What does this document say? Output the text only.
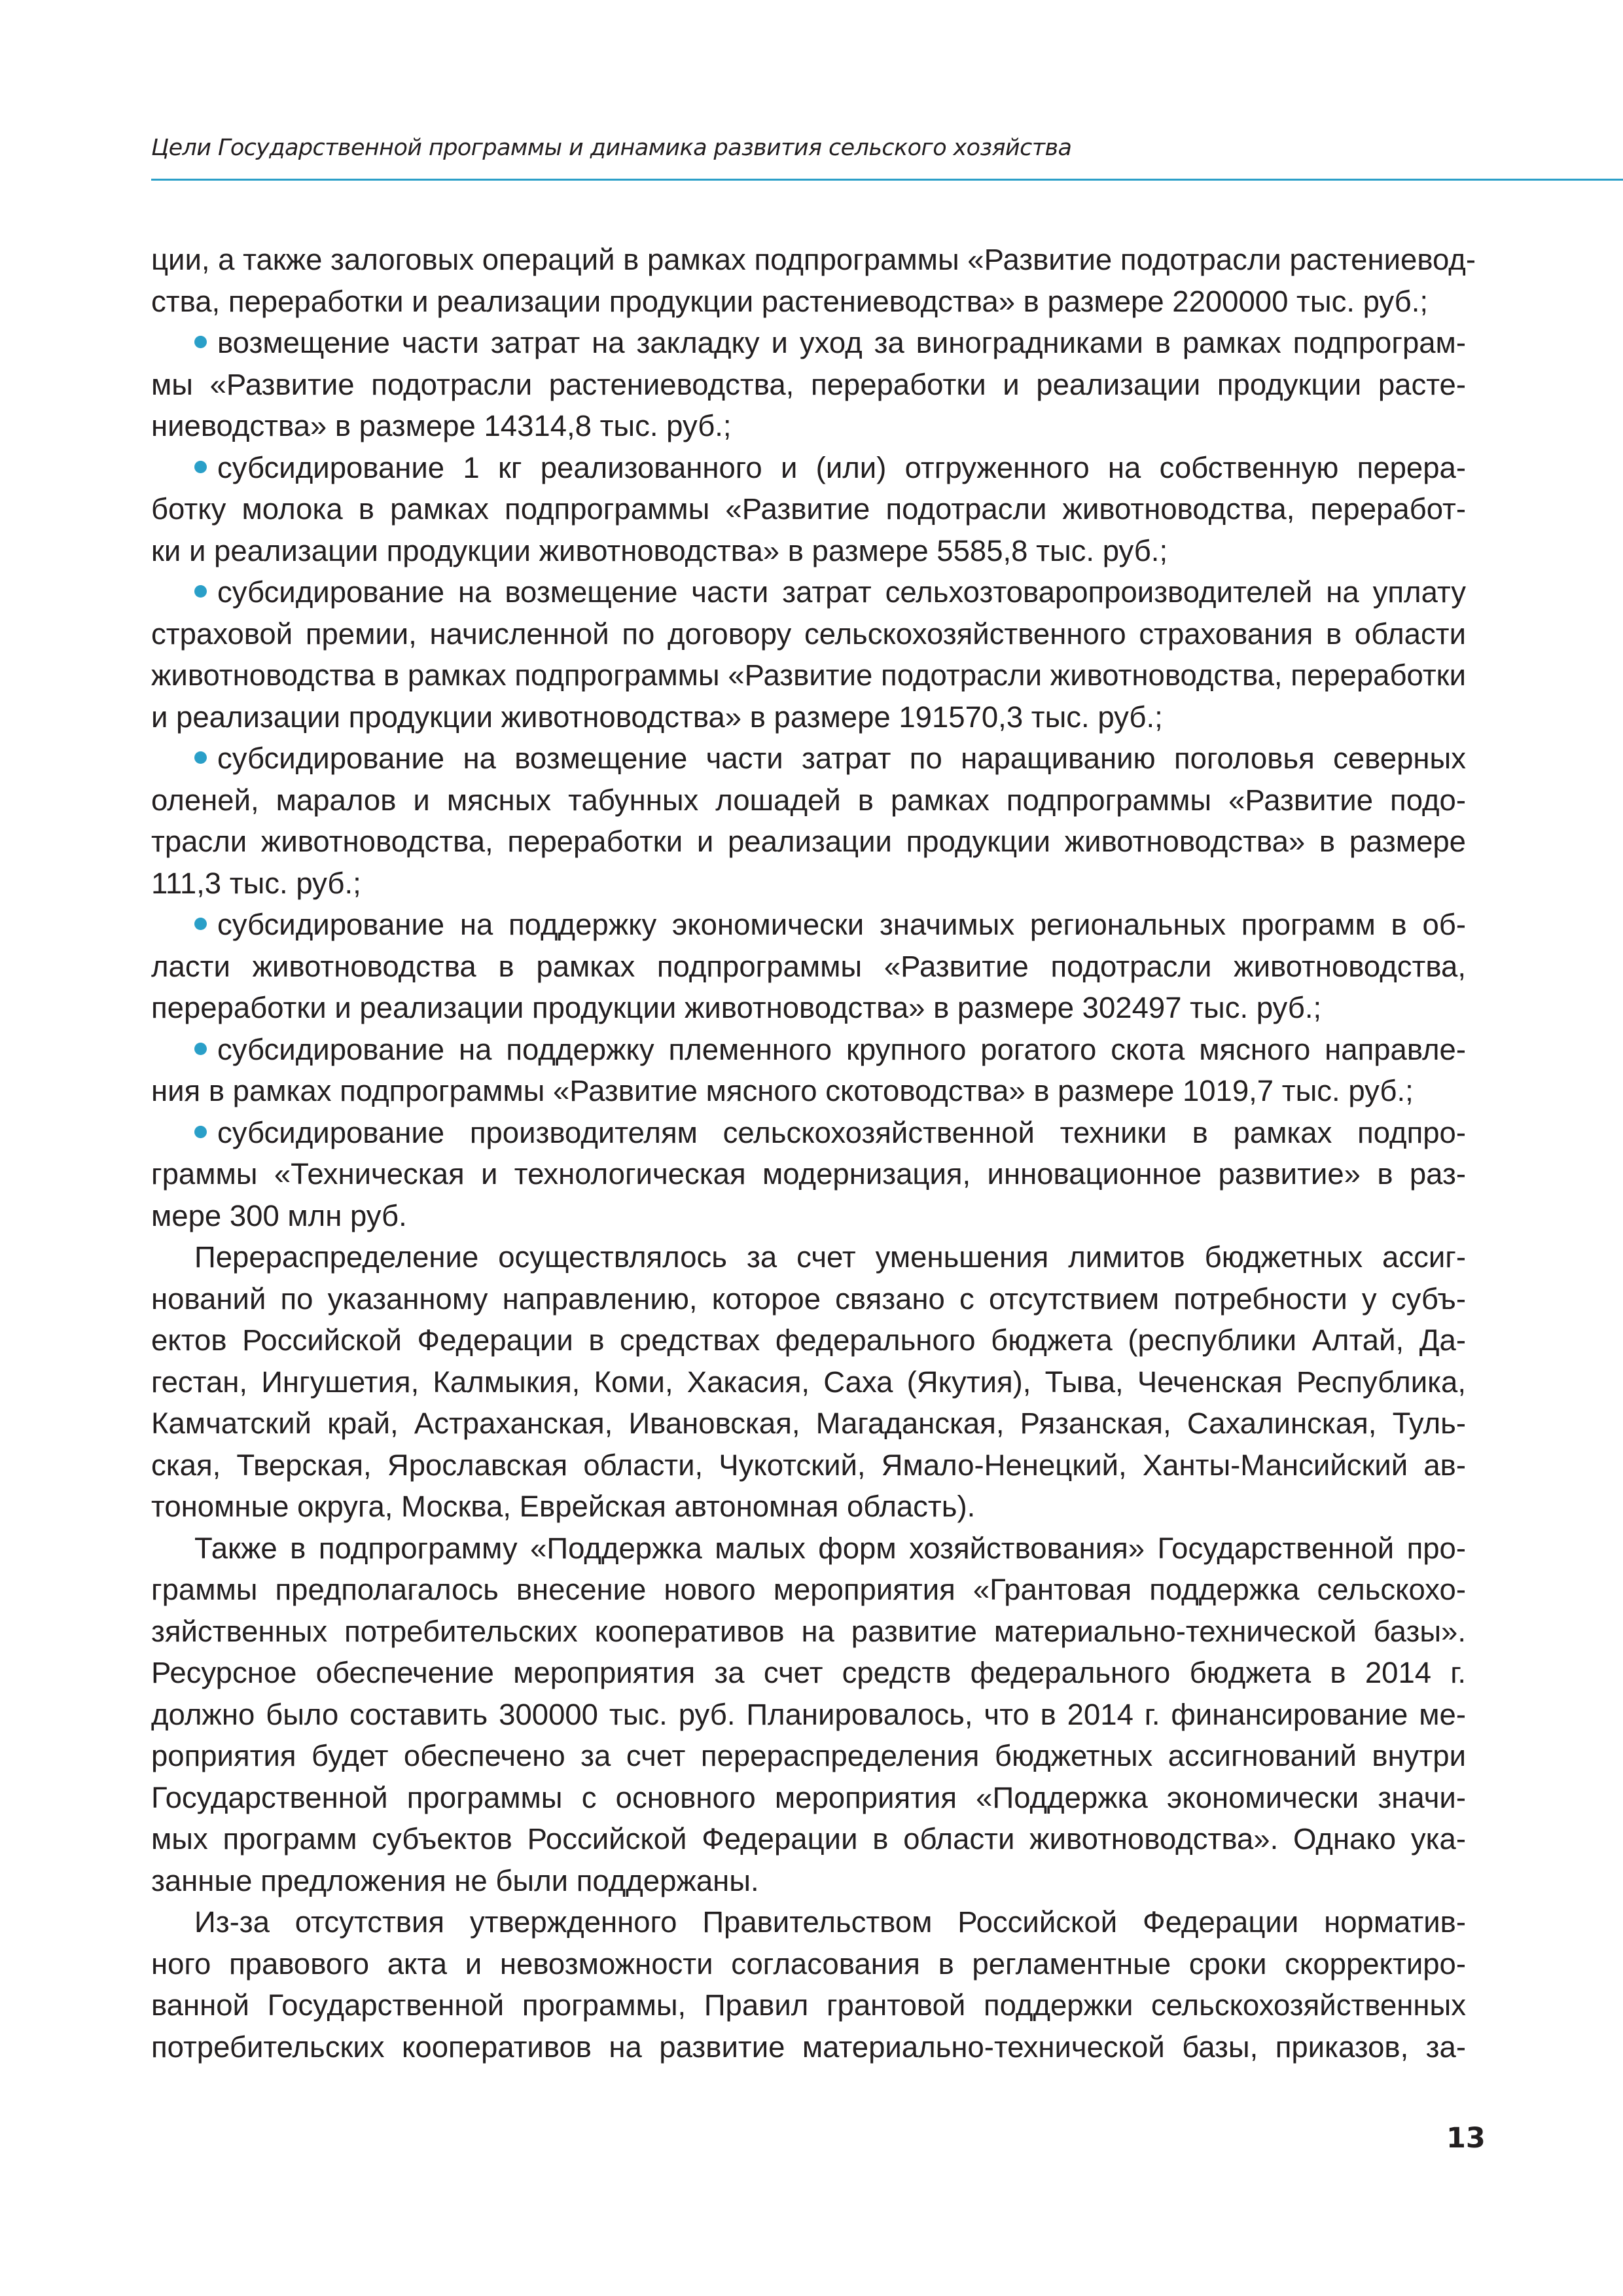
Цели Государственной программы и динамика развития сельского хозяйства
ции, а также залоговых операций в рамках подпрограммы «Развитие подотрасли растениевод-
ства, переработки и реализации продукции растениеводства» в размере 2200000 тыс. руб.;
возмещение части затрат на закладку и уход за виноградниками в рамках подпрограм-
мы «Развитие подотрасли растениеводства, переработки и реализации продукции расте-
ниеводства» в размере 14314,8 тыс. руб.;
субсидирование 1 кг реализованного и (или) отгруженного на собственную перера-
ботку молока в рамках подпрограммы «Развитие подотрасли животноводства, переработ-
ки и реализации продукции животноводства» в размере 5585,8 тыс. руб.;
субсидирование на возмещение части затрат сельхозтоваропроизводителей на уплату
страховой премии, начисленной по договору сельскохозяйственного страхования в области
животноводства в рамках подпрограммы «Развитие подотрасли животноводства, переработки
и реализации продукции животноводства» в размере 191570,3 тыс. руб.;
субсидирование на возмещение части затрат по наращиванию поголовья северных
оленей, маралов и мясных табунных лошадей в рамках подпрограммы «Развитие подо-
трасли животноводства, переработки и реализации продукции животноводства» в размере
111,3 тыс. руб.;
субсидирование на поддержку экономически значимых региональных программ в об-
ласти животноводства в рамках подпрограммы «Развитие подотрасли животноводства,
переработки и реализации продукции животноводства» в размере 302497 тыс. руб.;
субсидирование на поддержку племенного крупного рогатого скота мясного направле-
ния в рамках подпрограммы «Развитие мясного скотоводства» в размере 1019,7 тыс. руб.;
субсидирование производителям сельскохозяйственной техники в рамках подпро-
граммы «Техническая и технологическая модернизация, инновационное развитие» в раз-
мере 300 млн руб.
Перераспределение осуществлялось за счет уменьшения лимитов бюджетных ассиг-
нований по указанному направлению, которое связано с отсутствием потребности у субъ-
ектов Российской Федерации в средствах федерального бюджета (республики Алтай, Да-
гестан, Ингушетия, Калмыкия, Коми, Хакасия, Саха (Якутия), Тыва, Чеченская Республика,
Камчатский край, Астраханская, Ивановская, Магаданская, Рязанская, Сахалинская, Туль-
ская, Тверская, Ярославская области, Чукотский, Ямало-Ненецкий, Ханты-Мансийский ав-
тономные округа, Москва, Еврейская автономная область).
Также в подпрограмму «Поддержка малых форм хозяйствования» Государственной про-
граммы предполагалось внесение нового мероприятия «Грантовая поддержка сельскохо-
зяйственных потребительских кооперативов на развитие материально-технической базы».
Ресурсное обеспечение мероприятия за счет средств федерального бюджета в 2014 г.
должно было составить 300000 тыс. руб. Планировалось, что в 2014 г. финансирование ме-
роприятия будет обеспечено за счет перераспределения бюджетных ассигнований внутри
Государственной программы с основного мероприятия «Поддержка экономически значи-
мых программ субъектов Российской Федерации в области животноводства». Однако ука-
занные предложения не были поддержаны.
Из-за отсутствия утвержденного Правительством Российской Федерации норматив-
ного правового акта и невозможности согласования в регламентные сроки скорректиро-
ванной Государственной программы, Правил грантовой поддержки сельскохозяйственных
потребительских кооперативов на развитие материально-технической базы, приказов, за-
13
